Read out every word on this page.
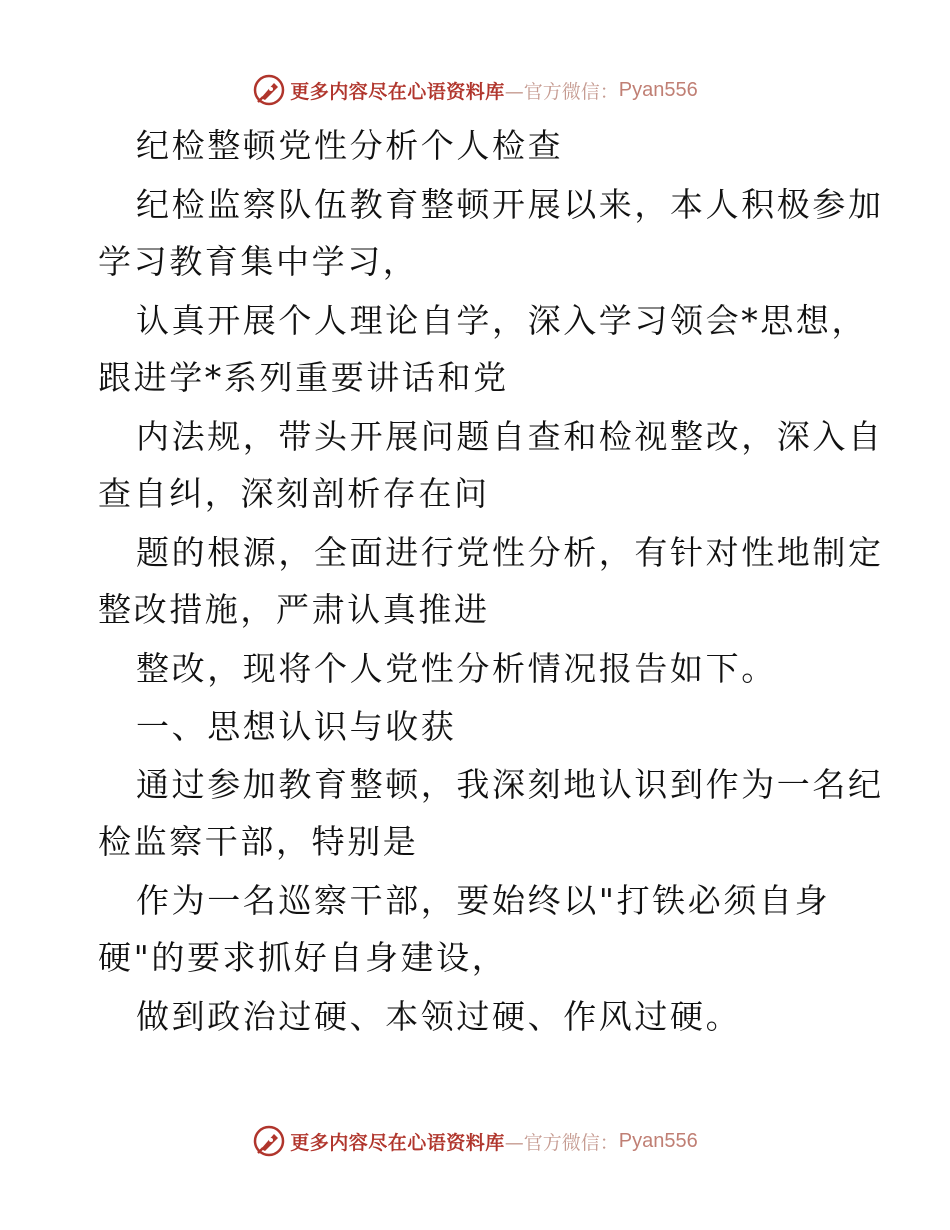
更多内容尽在心语资料库 —官方微信： Pyan556

纪检整顿党性分析个人检查

纪检监察队伍教育整顿开展以来，本人积极参加

学习教育集中学习，

认真开展个人理论自学，深入学习领会*思想，

跟进学*系列重要讲话和党

内法规，带头开展问题自查和检视整改，深入自

查自纠，深刻剖析存在问

题的根源，全面进行党性分析，有针对性地制定

整改措施，严肃认真推进

整改，现将个人党性分析情况报告如下。

一、思想认识与收获

通过参加教育整顿，我深刻地认识到作为一名纪

检监察干部，特别是

作为一名巡察干部，要始终以"打铁必须自身

硬"的要求抓好自身建设，

做到政治过硬、本领过硬、作风过硬。

更多内容尽在心语资料库 —官方微信： Pyan556
